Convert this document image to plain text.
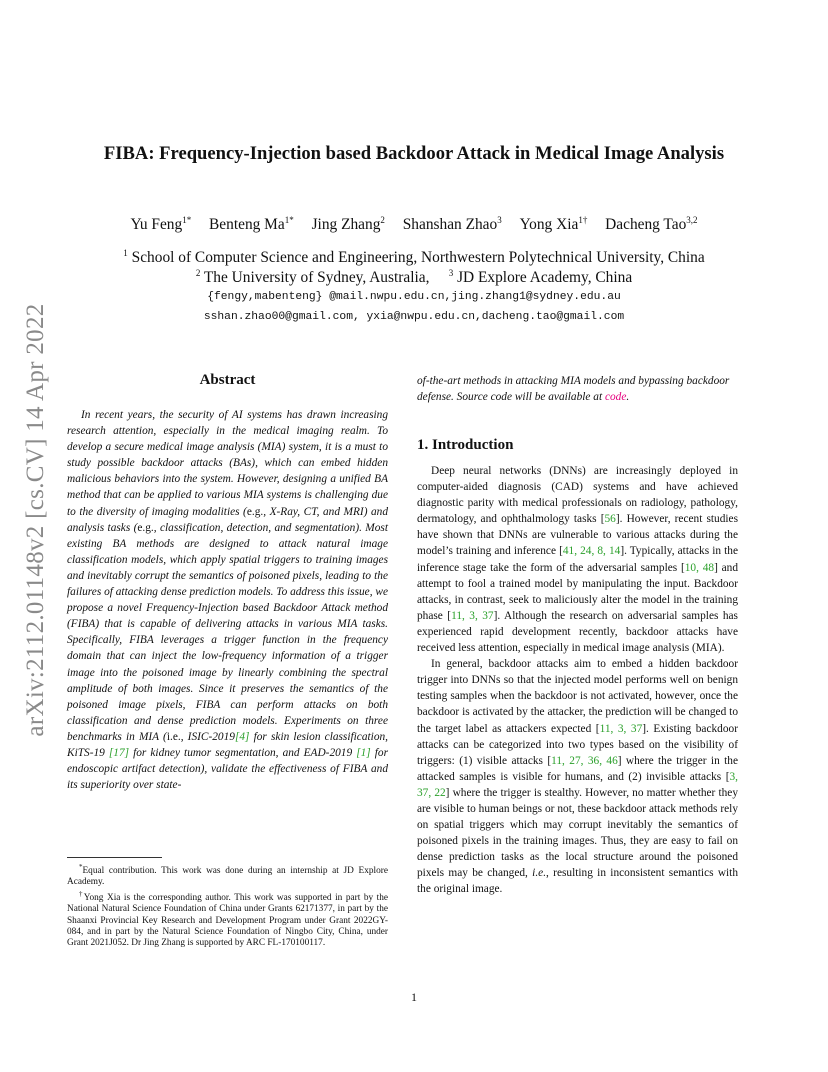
arXiv:2112.01148v2 [cs.CV] 14 Apr 2022
FIBA: Frequency-Injection based Backdoor Attack in Medical Image Analysis
Yu Feng$^{1*}$ Benteng $Ma^{1*}$ Jing Zhang$^2$ Shanshan Zhao$^3$ Yong Xia$^{1\dagger}$ Dacheng Tao$^{3,2}$
$^1$ School of Computer Science and Engineering, Northwestern Polytechnical University, China
$^2$ The University of Sydney, Australia, $^3$ JD Explore Academy, China
{fengy,mabenteng} @mail.nwpu.edu.cn,jing.zhang1@sydney.edu.au
sshan.zhao00@gmail.com, yxia@nwpu.edu.cn,dacheng.tao@gmail.com
Abstract
In recent years, the security of AI systems has drawn increasing research attention, especially in the medical imaging realm. To develop a secure medical image analysis (MIA) system, it is a must to study possible backdoor attacks (BAs), which can embed hidden malicious behaviors into the system. However, designing a unified BA method that can be applied to various MIA systems is challenging due to the diversity of imaging modalities (e.g., X-Ray, CT, and MRI) and analysis tasks (e.g., classification, detection, and segmentation). Most existing BA methods are designed to attack natural image classification models, which apply spatial triggers to training images and inevitably corrupt the semantics of poisoned pixels, leading to the failures of attacking dense prediction models. To address this issue, we propose a novel Frequency-Injection based Backdoor Attack method (FIBA) that is capable of delivering attacks in various MIA tasks. Specifically, FIBA leverages a trigger function in the frequency domain that can inject the low-frequency information of a trigger image into the poisoned image by linearly combining the spectral amplitude of both images. Since it preserves the semantics of the poisoned image pixels, FIBA can perform attacks on both classification and dense prediction models. Experiments on three benchmarks in MIA (i.e., ISIC-2019[4] for skin lesion classification, KiTS-19 [17] for kidney tumor segmentation, and EAD-2019 [1] for endoscopic artifact detection), validate the effectiveness of FIBA and its superiority over state-

*Equal contribution. This work was done during an internship at JD Explore Academy.

†Yong Xia is the corresponding author. This work was supported in part by the National Natural Science Foundation of China under Grants 62171377, in part by the Shaanxi Provincial Key Research and Development Program under Grant 2022GY-084, and in part by the Natural Science Foundation of Ningbo City, China, under Grant 2021J052. Dr Jing Zhang is supported by ARC FL-170100117.

of-the-art methods in attacking MIA models and bypassing backdoor defense. Source code will be available at code.
1. Introduction

Deep neural networks (DNNs) are increasingly deployed in computer-aided diagnosis (CAD) systems and have achieved diagnostic parity with medical professionals on radiology, pathology, dermatology, and ophthalmology tasks [56]. However, recent studies have shown that DNNs are vulnerable to various attacks during the model’s training and inference [41, 24, 8, 14]. Typically, attacks in the inference stage take the form of the adversarial samples [10, 48] and attempt to fool a trained model by manipulating the input. Backdoor attacks, in contrast, seek to maliciously alter the model in the training phase [11, 3, 37]. Although the research on adversarial samples has experienced rapid development recently, backdoor attacks have received less attention, especially in medical image analysis (MIA).

In general, backdoor attacks aim to embed a hidden backdoor trigger into DNNs so that the injected model performs well on benign testing samples when the backdoor is not activated, however, once the backdoor is activated by the attacker, the prediction will be changed to the target label as attackers expected [11, 3, 37]. Existing backdoor attacks can be categorized into two types based on the visibility of triggers: (1) visible attacks [11, 27, 36, 46] where the trigger in the attacked samples is visible for humans, and (2) invisible attacks [3, 37, 22] where the trigger is stealthy. However, no matter whether they are visible to human beings or not, these backdoor attack methods rely on spatial triggers which may corrupt inevitably the semantics of poisoned pixels in the training images. Thus, they are easy to fail on dense prediction tasks as the local structure around the poisoned pixels may be changed, i.e., resulting in inconsistent semantics with the original image.

1
